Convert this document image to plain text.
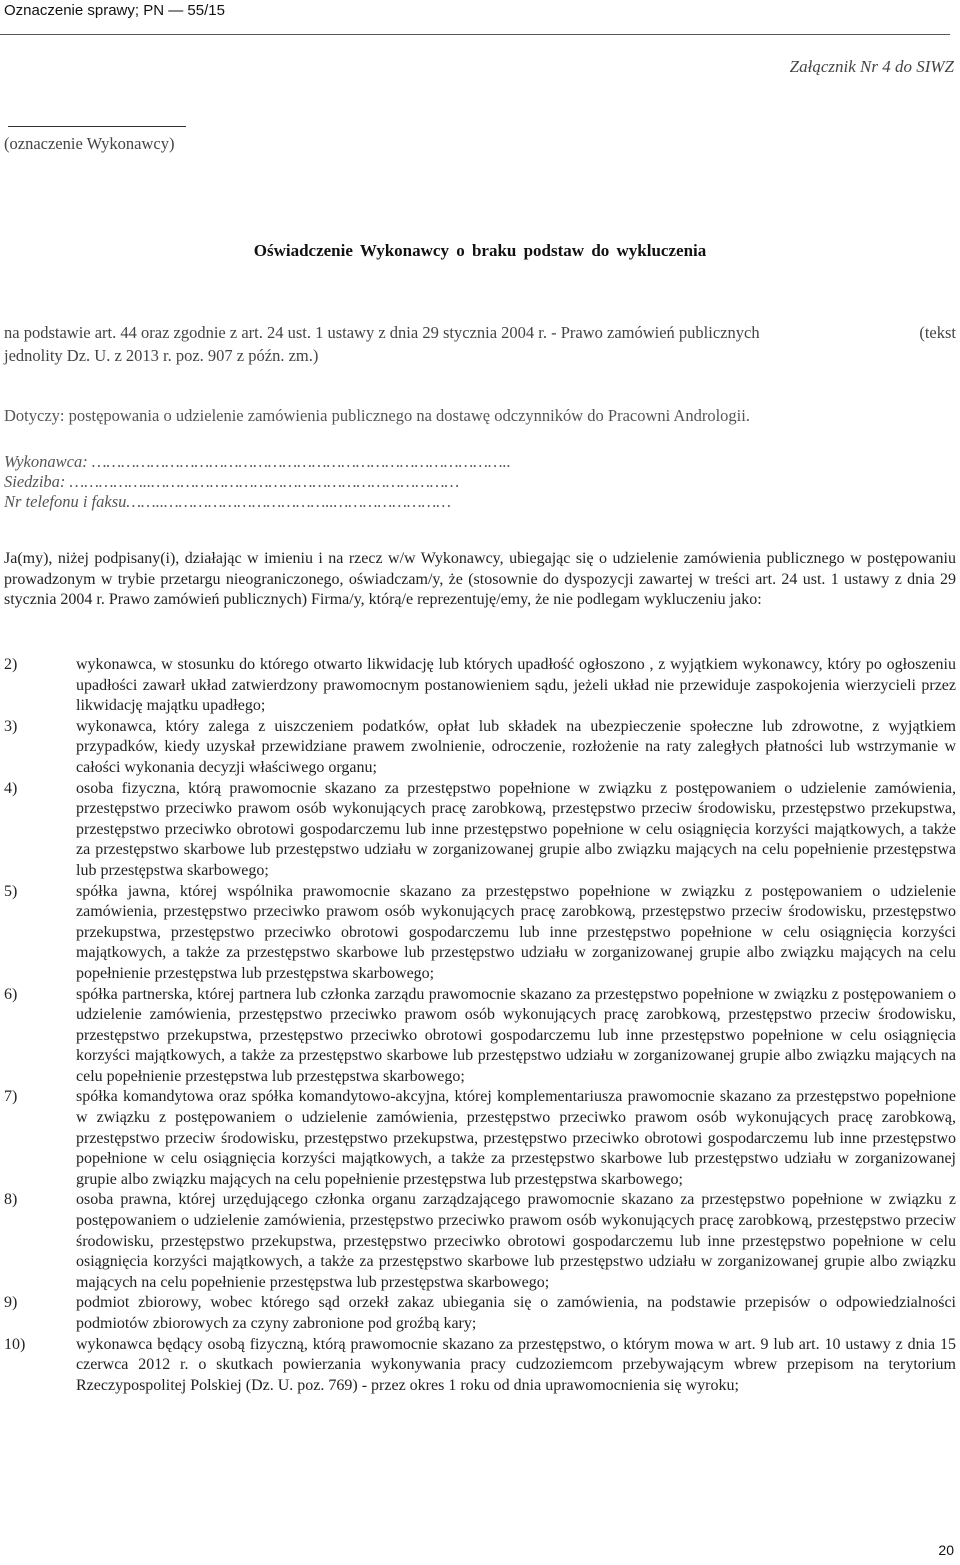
Oznaczenie sprawy; PN — 55/15
Załącznik Nr 4 do SIWZ
(oznaczenie Wykonawcy)
Oświadczenie Wykonawcy o braku podstaw do wykluczenia
na podstawie art. 44 oraz zgodnie z art. 24 ust. 1 ustawy z dnia 29 stycznia 2004 r. - Prawo zamówień publicznych	(tekst
jednolity Dz. U. z 2013 r. poz. 907 z późn. zm.)
Dotyczy: postępowania o udzielenie zamówienia publicznego na dostawę odczynników do Pracowni Andrologii.
Wykonawca: …………………………………………………………………………..
Siedziba: ……………..………………………………………………………
Nr telefonu i faksu……..……………………………..……………………
Ja(my), niżej podpisany(i), działając w imieniu i na rzecz w/w Wykonawcy, ubiegając się o udzielenie zamówienia publicznego w postępowaniu prowadzonym w trybie przetargu nieograniczonego, oświadczam/y, że (stosownie do dyspozycji zawartej w treści art. 24 ust. 1 ustawy z dnia 29 stycznia 2004 r. Prawo zamówień publicznych) Firma/y, którą/e reprezentuję/emy, że nie podlegam wykluczeniu jako:
2)	wykonawca, w stosunku do którego otwarto likwidację lub których upadłość ogłoszono , z wyjątkiem wykonawcy, który po ogłoszeniu upadłości zawarł układ zatwierdzony prawomocnym postanowieniem sądu, jeżeli układ nie przewiduje zaspokojenia wierzycieli przez likwidację majątku upadłego;
3)	wykonawca, który zalega z uiszczeniem podatków, opłat lub składek na ubezpieczenie społeczne lub zdrowotne, z wyjątkiem przypadków, kiedy uzyskał przewidziane prawem zwolnienie, odroczenie, rozłożenie na raty zaległych płatności lub wstrzymanie w całości wykonania decyzji właściwego organu;
4)	osoba fizyczna, którą prawomocnie skazano za przestępstwo popełnione w związku z postępowaniem o udzielenie zamówienia, przestępstwo przeciwko prawom osób wykonujących pracę zarobkową, przestępstwo przeciw środowisku, przestępstwo przekupstwa, przestępstwo przeciwko obrotowi gospodarczemu lub inne przestępstwo popełnione w celu osiągnięcia korzyści majątkowych, a także za przestępstwo skarbowe lub przestępstwo udziału w zorganizowanej grupie albo związku mających na celu popełnienie przestępstwa lub przestępstwa skarbowego;
5)	spółka jawna, której wspólnika prawomocnie skazano za przestępstwo popełnione w związku z postępowaniem o udzielenie zamówienia, przestępstwo przeciwko prawom osób wykonujących pracę zarobkową, przestępstwo przeciw środowisku, przestępstwo przekupstwa, przestępstwo przeciwko obrotowi gospodarczemu lub inne przestępstwo popełnione w celu osiągnięcia korzyści majątkowych, a także za przestępstwo skarbowe lub przestępstwo udziału w zorganizowanej grupie albo związku mających na celu popełnienie przestępstwa lub przestępstwa skarbowego;
6)	spółka partnerska, której partnera lub członka zarządu prawomocnie skazano za przestępstwo popełnione w związku z postępowaniem o udzielenie zamówienia, przestępstwo przeciwko prawom osób wykonujących pracę zarobkową, przestępstwo przeciw środowisku, przestępstwo przekupstwa, przestępstwo przeciwko obrotowi gospodarczemu lub inne przestępstwo popełnione w celu osiągnięcia korzyści majątkowych, a także za przestępstwo skarbowe lub przestępstwo udziału w zorganizowanej grupie albo związku mających na celu popełnienie przestępstwa lub przestępstwa skarbowego;
7)	spółka komandytowa oraz spółka komandytowo-akcyjna, której komplementariusza prawomocnie skazano za przestępstwo popełnione w związku z postępowaniem o udzielenie zamówienia, przestępstwo przeciwko prawom osób wykonujących pracę zarobkową, przestępstwo przeciw środowisku, przestępstwo przekupstwa, przestępstwo przeciwko obrotowi gospodarczemu lub inne przestępstwo popełnione w celu osiągnięcia korzyści majątkowych, a także za przestępstwo skarbowe lub przestępstwo udziału w zorganizowanej grupie albo związku mających na celu popełnienie przestępstwa lub przestępstwa skarbowego;
8)	osoba prawna, której urzędującego członka organu zarządzającego prawomocnie skazano za przestępstwo popełnione w związku z postępowaniem o udzielenie zamówienia, przestępstwo przeciwko prawom osób wykonujących pracę zarobkową, przestępstwo przeciw środowisku, przestępstwo przekupstwa, przestępstwo przeciwko obrotowi gospodarczemu lub inne przestępstwo popełnione w celu osiągnięcia korzyści majątkowych, a także za przestępstwo skarbowe lub przestępstwo udziału w zorganizowanej grupie albo związku mających na celu popełnienie przestępstwa lub przestępstwa skarbowego;
9)	podmiot zbiorowy, wobec którego sąd orzekł zakaz ubiegania się o zamówienia, na podstawie przepisów o odpowiedzialności podmiotów zbiorowych za czyny zabronione pod groźbą kary;
10)	wykonawca będący osobą fizyczną, którą prawomocnie skazano za przestępstwo, o którym mowa w art. 9 lub art. 10 ustawy z dnia 15 czerwca 2012 r. o skutkach powierzania wykonywania pracy cudzoziemcom przebywającym wbrew przepisom na terytorium Rzeczypospolitej Polskiej (Dz. U. poz. 769) - przez okres 1 roku od dnia uprawomocnienia się wyroku;
20
